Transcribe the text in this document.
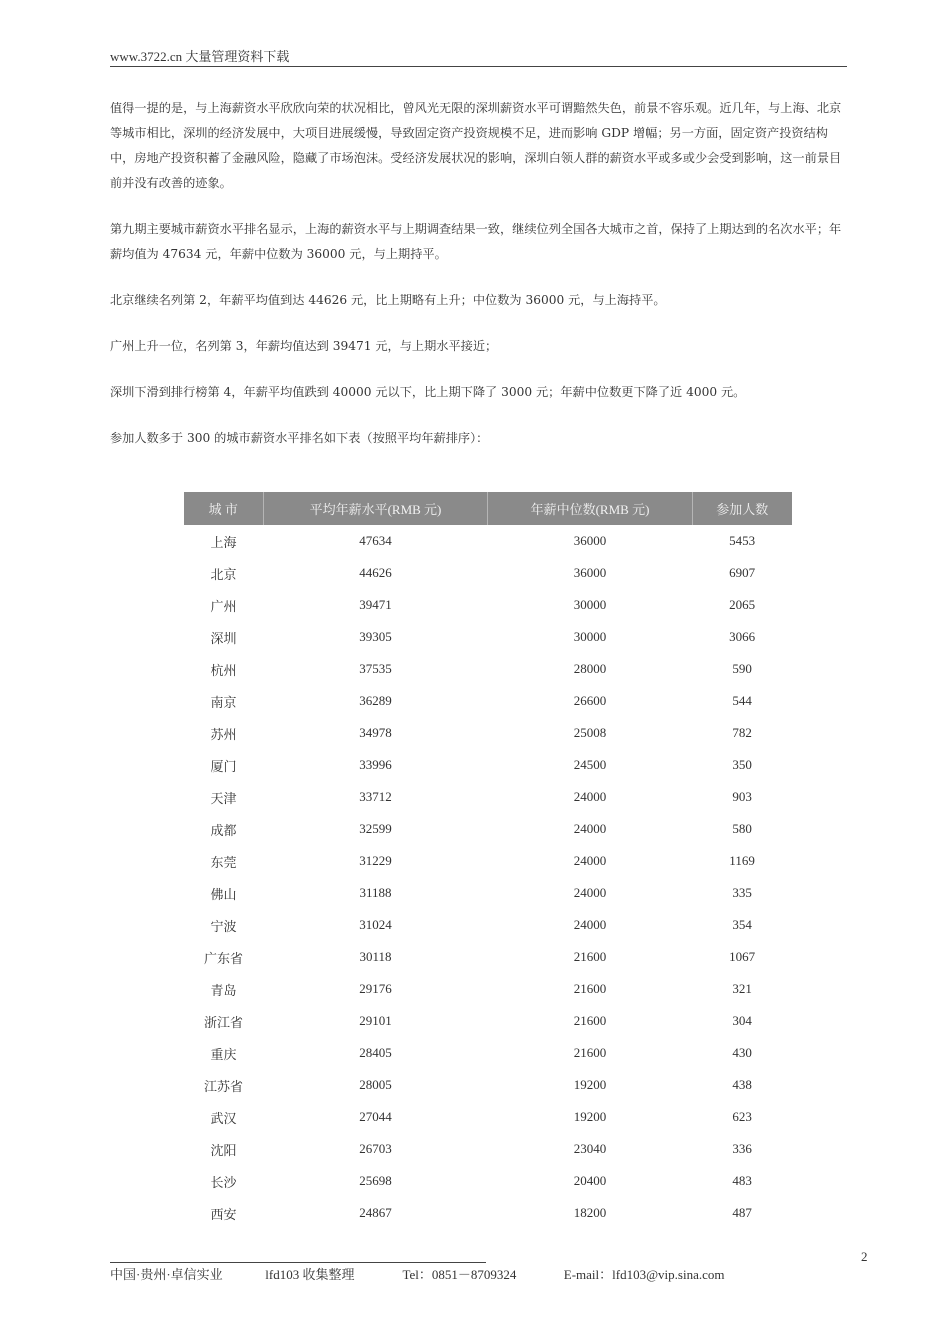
www.3722.cn 大量管理资料下载

值得一提的是，与上海薪资水平欣欣向荣的状况相比，曾风光无限的深圳薪资水平可谓黯然失色，前景不容乐观。近几年，与上海、北京等城市相比，深圳的经济发展中，大项目进展缓慢，导致固定资产投资规模不足，进而影响 GDP 增幅；另一方面，固定资产投资结构中，房地产投资积蓄了金融风险，隐藏了市场泡沫。受经济发展状况的影响，深圳白领人群的薪资水平或多或少会受到影响，这一前景目前并没有改善的迹象。

第九期主要城市薪资水平排名显示，上海的薪资水平与上期调查结果一致，继续位列全国各大城市之首，保持了上期达到的名次水平；年薪均值为 47634 元，年薪中位数为 36000 元，与上期持平。

北京继续名列第 2，年薪平均值到达 44626 元，比上期略有上升；中位数为 36000 元，与上海持平。

广州上升一位，名列第 3，年薪均值达到 39471 元，与上期水平接近；

深圳下滑到排行榜第 4，年薪平均值跌到 40000 元以下，比上期下降了 3000 元；年薪中位数更下降了近 4000 元。

参加人数多于 300 的城市薪资水平排名如下表（按照平均年薪排序）：

城 市	平均年薪水平(RMB 元)	年薪中位数(RMB 元)	参加人数
上海	47634	36000	5453
北京	44626	36000	6907
广州	39471	30000	2065
深圳	39305	30000	3066
杭州	37535	28000	590
南京	36289	26600	544
苏州	34978	25008	782
厦门	33996	24500	350
天津	33712	24000	903
成都	32599	24000	580
东莞	31229	24000	1169
佛山	31188	24000	335
宁波	31024	24000	354
广东省	30118	21600	1067
青岛	29176	21600	321
浙江省	29101	21600	304
重庆	28405	21600	430
江苏省	28005	19200	438
武汉	27044	19200	623
沈阳	26703	23040	336
长沙	25698	20400	483
西安	24867	18200	487
2
中国·贵州·卓信实业	lfd103 收集整理	Tel：0851－8709324	E-mail：lfd103@vip.sina.com
